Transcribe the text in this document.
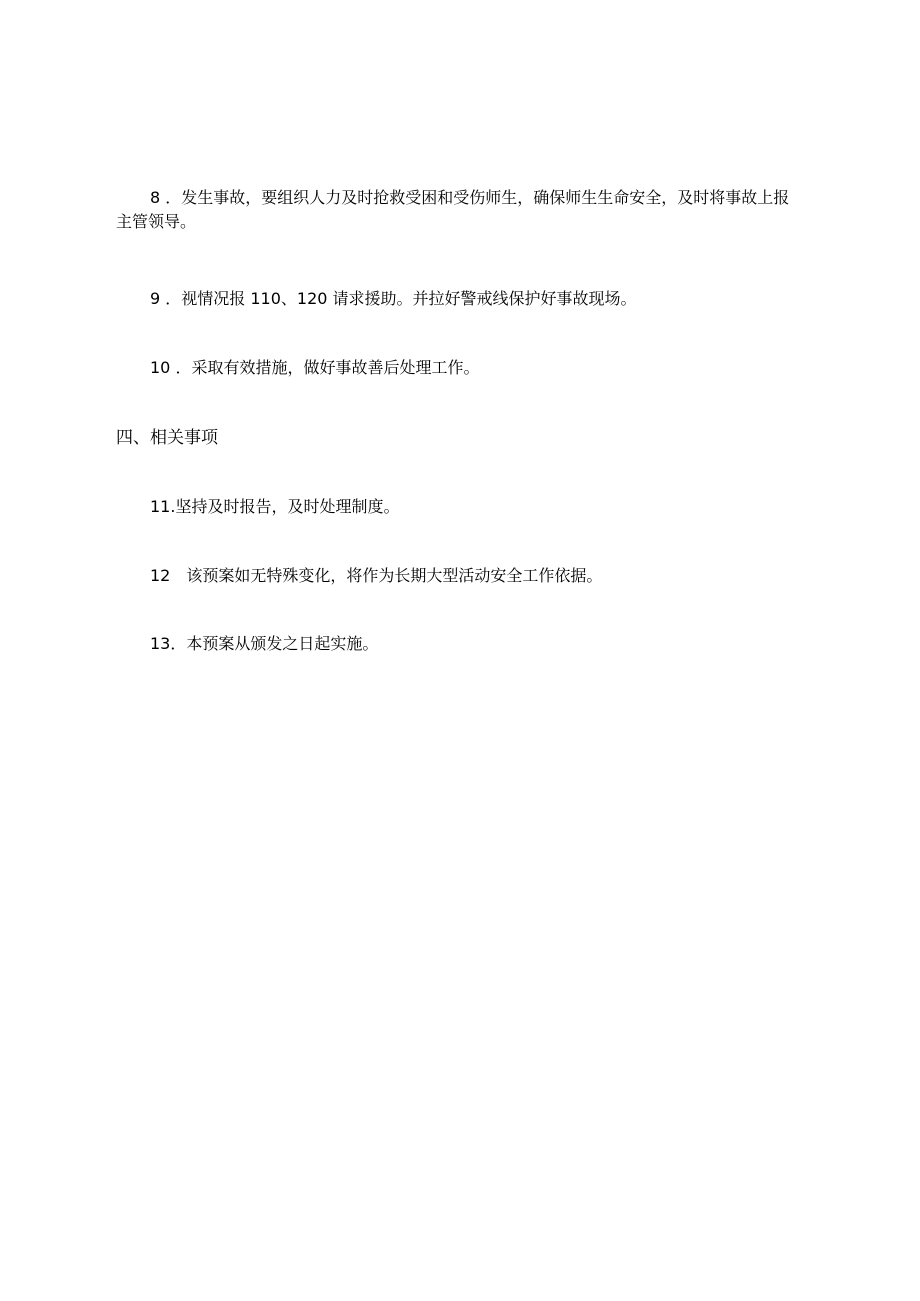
8 ．发生事故，要组织人力及时抢救受困和受伤师生，确保师生生命安全，及时将事故上报主管领导。

9 ．视情况报 110、120 请求援助。并拉好警戒线保护好事故现场。

10 ．采取有效措施，做好事故善后处理工作。

四、相关事项

11.坚持及时报告，及时处理制度。

12　该预案如无特殊变化，将作为长期大型活动安全工作依据。

13．本预案从颁发之日起实施。
